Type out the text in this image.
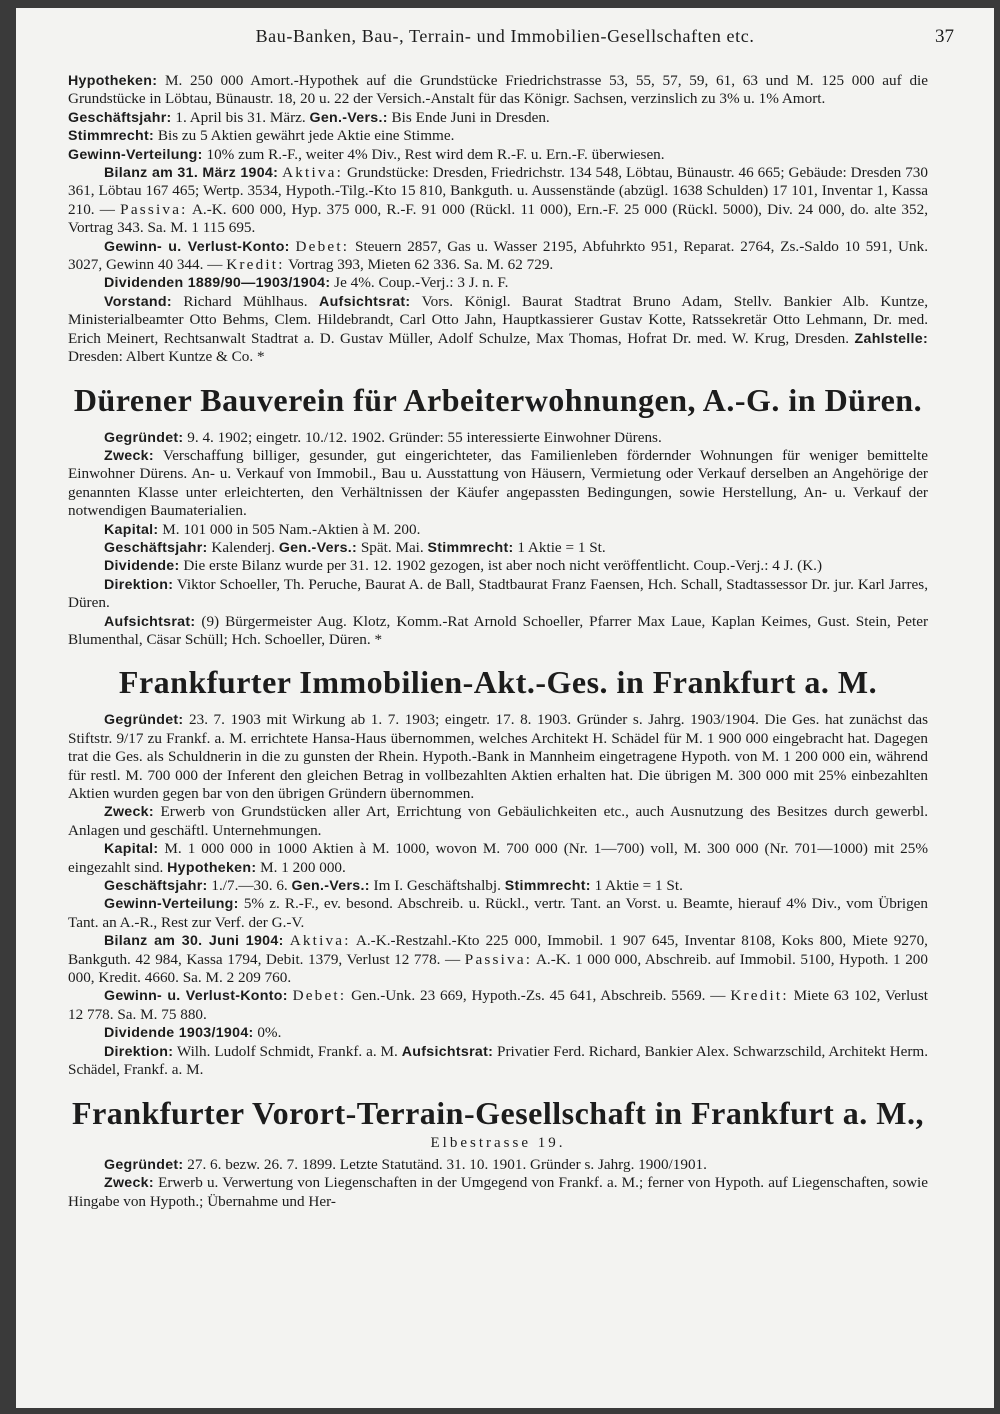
Bau-Banken, Bau-, Terrain- und Immobilien-Gesellschaften etc.	37

Hypotheken: M. 250 000 Amort.-Hypothek auf die Grundstücke Friedrichstrasse 53, 55, 57, 59, 61, 63 und M. 125 000 auf die Grundstücke in Löbtau, Bünaustr. 18, 20 u. 22 der Versich.-Anstalt für das Königr. Sachsen, verzinslich zu 3% u. 1% Amort.

Geschäftsjahr: 1. April bis 31. März. Gen.-Vers.: Bis Ende Juni in Dresden.

Stimmrecht: Bis zu 5 Aktien gewährt jede Aktie eine Stimme.

Gewinn-Verteilung: 10% zum R.-F., weiter 4% Div., Rest wird dem R.-F. u. Ern.-F. überwiesen.

Bilanz am 31. März 1904: Aktiva: Grundstücke: Dresden, Friedrichstr. 134 548, Löbtau, Bünaustr. 46 665; Gebäude: Dresden 730 361, Löbtau 167 465; Wertp. 3534, Hypoth.-Tilg.-Kto 15 810, Bankguth. u. Aussenstände (abzügl. 1638 Schulden) 17 101, Inventar 1, Kassa 210. — Passiva: A.-K. 600 000, Hyp. 375 000, R.-F. 91 000 (Rückl. 11 000), Ern.-F. 25 000 (Rückl. 5000), Div. 24 000, do. alte 352, Vortrag 343. Sa. M. 1 115 695.

Gewinn- u. Verlust-Konto: Debet: Steuern 2857, Gas u. Wasser 2195, Abfuhrkto 951, Reparat. 2764, Zs.-Saldo 10 591, Unk. 3027, Gewinn 40 344. — Kredit: Vortrag 393, Mieten 62 336. Sa. M. 62 729.

Dividenden 1889/90—1903/1904: Je 4%. Coup.-Verj.: 3 J. n. F.

Vorstand: Richard Mühlhaus. Aufsichtsrat: Vors. Königl. Baurat Stadtrat Bruno Adam, Stellv. Bankier Alb. Kuntze, Ministerialbeamter Otto Behms, Clem. Hildebrandt, Carl Otto Jahn, Hauptkassierer Gustav Kotte, Ratssekretär Otto Lehmann, Dr. med. Erich Meinert, Rechtsanwalt Stadtrat a. D. Gustav Müller, Adolf Schulze, Max Thomas, Hofrat Dr. med. W. Krug, Dresden. Zahlstelle: Dresden: Albert Kuntze & Co. *

Dürener Bauverein für Arbeiterwohnungen, A.-G. in Düren.

Gegründet: 9. 4. 1902; eingetr. 10./12. 1902. Gründer: 55 interessierte Einwohner Dürens.

Zweck: Verschaffung billiger, gesunder, gut eingerichteter, das Familienleben fördernder Wohnungen für weniger bemittelte Einwohner Dürens. An- u. Verkauf von Immobil., Bau u. Ausstattung von Häusern, Vermietung oder Verkauf derselben an Angehörige der genannten Klasse unter erleichterten, den Verhältnissen der Käufer angepassten Bedingungen, sowie Herstellung, An- u. Verkauf der notwendigen Baumaterialien.

Kapital: M. 101 000 in 505 Nam.-Aktien à M. 200.

Geschäftsjahr: Kalenderj. Gen.-Vers.: Spät. Mai. Stimmrecht: 1 Aktie = 1 St.

Dividende: Die erste Bilanz wurde per 31. 12. 1902 gezogen, ist aber noch nicht veröffentlicht. Coup.-Verj.: 4 J. (K.)

Direktion: Viktor Schoeller, Th. Peruche, Baurat A. de Ball, Stadtbaurat Franz Faensen, Hch. Schall, Stadtassessor Dr. jur. Karl Jarres, Düren.

Aufsichtsrat: (9) Bürgermeister Aug. Klotz, Komm.-Rat Arnold Schoeller, Pfarrer Max Laue, Kaplan Keimes, Gust. Stein, Peter Blumenthal, Cäsar Schüll; Hch. Schoeller, Düren. *

Frankfurter Immobilien-Akt.-Ges. in Frankfurt a. M.

Gegründet: 23. 7. 1903 mit Wirkung ab 1. 7. 1903; eingetr. 17. 8. 1903. Gründer s. Jahrg. 1903/1904. Die Ges. hat zunächst das Stiftstr. 9/17 zu Frankf. a. M. errichtete Hansa-Haus übernommen, welches Architekt H. Schädel für M. 1 900 000 eingebracht hat. Dagegen trat die Ges. als Schuldnerin in die zu gunsten der Rhein. Hypoth.-Bank in Mannheim eingetragene Hypoth. von M. 1 200 000 ein, während für restl. M. 700 000 der Inferent den gleichen Betrag in vollbezahlten Aktien erhalten hat. Die übrigen M. 300 000 mit 25% einbezahlten Aktien wurden gegen bar von den übrigen Gründern übernommen.

Zweck: Erwerb von Grundstücken aller Art, Errichtung von Gebäulichkeiten etc., auch Ausnutzung des Besitzes durch gewerbl. Anlagen und geschäftl. Unternehmungen.

Kapital: M. 1 000 000 in 1000 Aktien à M. 1000, wovon M. 700 000 (Nr. 1—700) voll, M. 300 000 (Nr. 701—1000) mit 25% eingezahlt sind. Hypotheken: M. 1 200 000.

Geschäftsjahr: 1./7.—30. 6. Gen.-Vers.: Im I. Geschäftshalbj. Stimmrecht: 1 Aktie = 1 St.

Gewinn-Verteilung: 5% z. R.-F., ev. besond. Abschreib. u. Rückl., vertr. Tant. an Vorst. u. Beamte, hierauf 4% Div., vom Übrigen Tant. an A.-R., Rest zur Verf. der G.-V.

Bilanz am 30. Juni 1904: Aktiva: A.-K.-Restzahl.-Kto 225 000, Immobil. 1 907 645, Inventar 8108, Koks 800, Miete 9270, Bankguth. 42 984, Kassa 1794, Debit. 1379, Verlust 12 778. — Passiva: A.-K. 1 000 000, Abschreib. auf Immobil. 5100, Hypoth. 1 200 000, Kredit. 4660. Sa. M. 2 209 760.

Gewinn- u. Verlust-Konto: Debet: Gen.-Unk. 23 669, Hypoth.-Zs. 45 641, Abschreib. 5569. — Kredit: Miete 63 102, Verlust 12 778. Sa. M. 75 880.

Dividende 1903/1904: 0%.

Direktion: Wilh. Ludolf Schmidt, Frankf. a. M. Aufsichtsrat: Privatier Ferd. Richard, Bankier Alex. Schwarzschild, Architekt Herm. Schädel, Frankf. a. M.

Frankfurter Vorort-Terrain-Gesellschaft in Frankfurt a. M.,
Elbestrasse 19.

Gegründet: 27. 6. bezw. 26. 7. 1899. Letzte Statutänd. 31. 10. 1901. Gründer s. Jahrg. 1900/1901.

Zweck: Erwerb u. Verwertung von Liegenschaften in der Umgegend von Frankf. a. M.; ferner von Hypoth. auf Liegenschaften, sowie Hingabe von Hypoth.; Übernahme und Her-
